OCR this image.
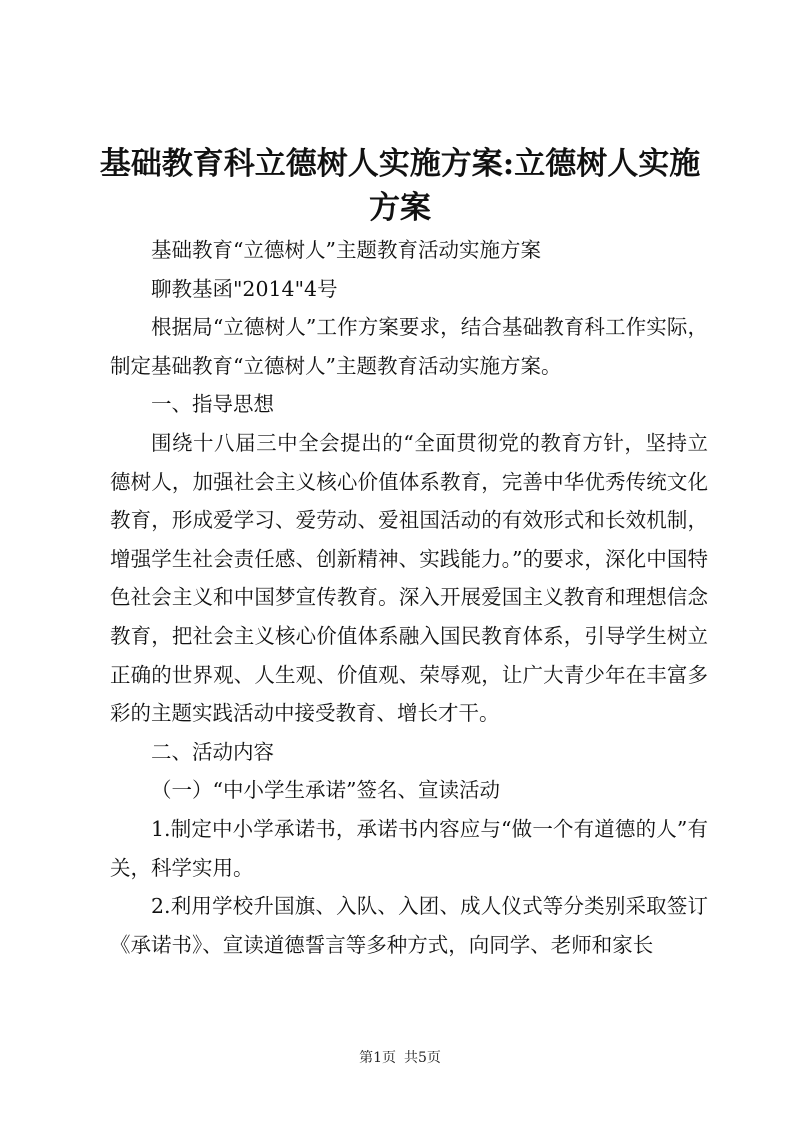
基础教育科立德树人实施方案:立德树人实施
方案

基础教育“立德树人”主题教育活动实施方案

聊教基函"2014"4号

根据局“立德树人”工作方案要求，结合基础教育科工作实际，制定基础教育“立德树人”主题教育活动实施方案。

一、指导思想

围绕十八届三中全会提出的“全面贯彻党的教育方针，坚持立德树人，加强社会主义核心价值体系教育，完善中华优秀传统文化教育，形成爱学习、爱劳动、爱祖国活动的有效形式和长效机制，增强学生社会责任感、创新精神、实践能力。”的要求，深化中国特色社会主义和中国梦宣传教育。深入开展爱国主义教育和理想信念教育，把社会主义核心价值体系融入国民教育体系，引导学生树立正确的世界观、人生观、价值观、荣辱观，让广大青少年在丰富多彩的主题实践活动中接受教育、增长才干。

二、活动内容

（一）“中小学生承诺”签名、宣读活动

1.制定中小学承诺书，承诺书内容应与“做一个有道德的人”有关，科学实用。

2.利用学校升国旗、入队、入团、成人仪式等分类别采取签订《承诺书》、宣读道德誓言等多种方式，向同学、老师和家长

第1页 共5页
